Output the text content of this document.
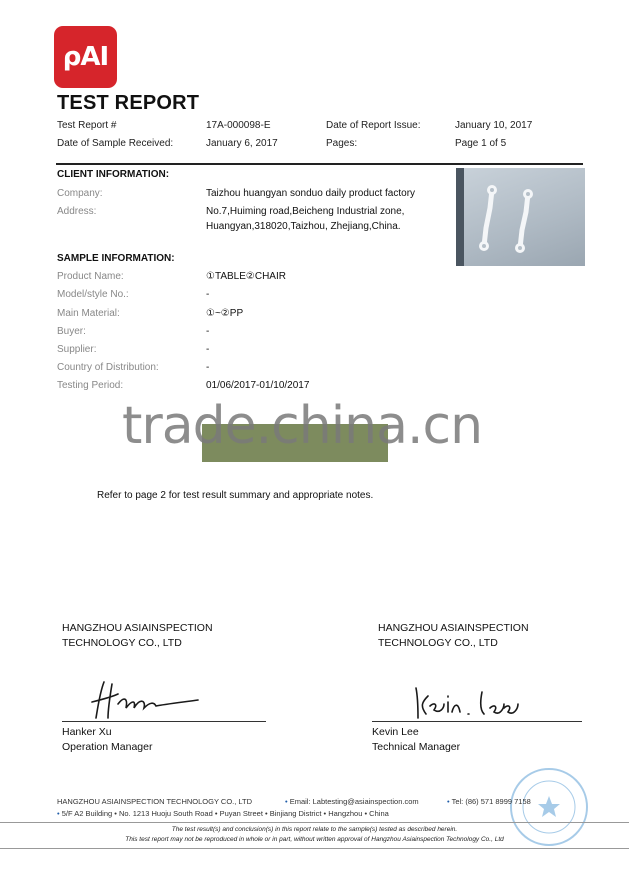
ρAI
TEST REPORT
Test Report #	17A-000098-E	Date of Report Issue:	January 10, 2017
Date of Sample Received:	January 6, 2017	Pages:	Page 1 of 5
CLIENT INFORMATION:
Company:	Taizhou huangyan sonduo daily product factory
Address:	No.7,Huiming road,Beicheng Industrial zone,
Huangyan,318020,Taizhou, Zhejiang,China.
SAMPLE INFORMATION:
Product Name:	①TABLE②CHAIR
Model/style No.:	-
Main Material:	①~②PP
Buyer:	-
Supplier:	-
Country of Distribution:	-
Testing Period:	01/06/2017-01/10/2017
trade.china.cn
Refer to page 2 for test result summary and appropriate notes.
HANGZHOU ASIAINSPECTION
TECHNOLOGY CO., LTD
Hanker Xu
Operation Manager
HANGZHOU ASIAINSPECTION
TECHNOLOGY CO., LTD
Kevin Lee
Technical Manager
HANGZHOU ASIAINSPECTION TECHNOLOGY CO., LTD	• Email: Labtesting@asiainspection.com	• Tel: (86) 571 8999 7158
• 5/F A2 Building • No. 1213 Huoju South Road • Puyan Street • Binjiang District • Hangzhou • China
The test result(s) and conclusion(s) in this report relate to the sample(s) tested as described herein.
This test report may not be reproduced in whole or in part, without written approval of Hangzhou Asiainspection Technology Co., Ltd
